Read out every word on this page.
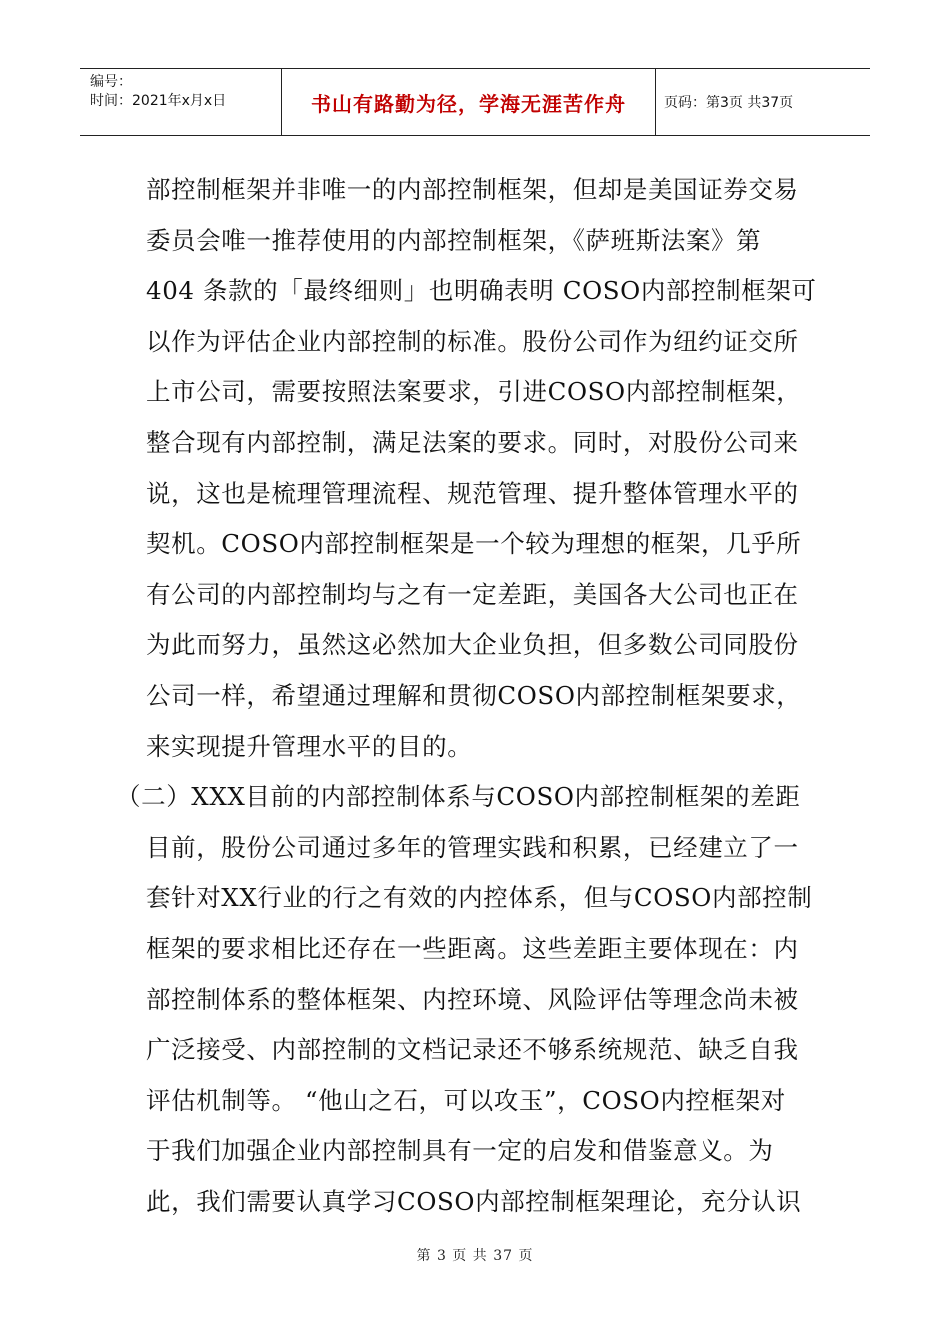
编号：
时间：2021年x月x日	书山有路勤为径，学海无涯苦作舟	页码：第3页 共37页
部控制框架并非唯一的内部控制框架，但却是美国证券交易
委员会唯一推荐使用的内部控制框架，《萨班斯法案》第
404 条款的「最终细则」也明确表明 COSO内部控制框架可
以作为评估企业内部控制的标准。股份公司作为纽约证交所
上市公司，需要按照法案要求，引进COSO内部控制框架，
整合现有内部控制，满足法案的要求。同时，对股份公司来
说，这也是梳理管理流程、规范管理、提升整体管理水平的
契机。COSO内部控制框架是一个较为理想的框架，几乎所
有公司的内部控制均与之有一定差距，美国各大公司也正在
为此而努力，虽然这必然加大企业负担，但多数公司同股份
公司一样，希望通过理解和贯彻COSO内部控制框架要求，
来实现提升管理水平的目的。
（二）XXX目前的内部控制体系与COSO内部控制框架的差距
目前，股份公司通过多年的管理实践和积累，已经建立了一
套针对XX行业的行之有效的内控体系，但与COSO内部控制
框架的要求相比还存在一些距离。这些差距主要体现在：内
部控制体系的整体框架、内控环境、风险评估等理念尚未被
广泛接受、内部控制的文档记录还不够系统规范、缺乏自我
评估机制等。 “他山之石，可以攻玉”，COSO内控框架对
于我们加强企业内部控制具有一定的启发和借鉴意义。为
此，我们需要认真学习COSO内部控制框架理论，充分认识
第 3 页 共 37 页
